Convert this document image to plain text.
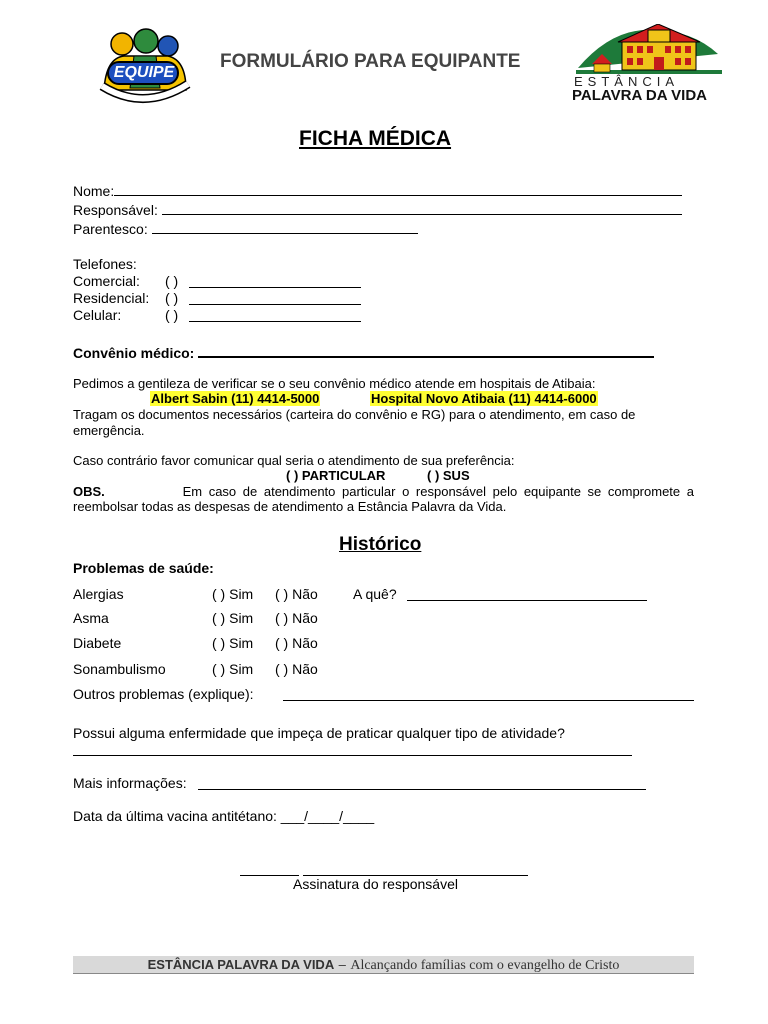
EQUIPE
FORMULÁRIO PARA EQUIPANTE
ESTÂNCIA
PALAVRA DA VIDA
FICHA MÉDICA
Nome:
Responsável:
Parentesco:
Telefones:
Comercial: ( )
Residencial: ( )
Celular:	( )
Convênio médico:
Pedimos a gentileza de verificar se o seu convênio médico atende em hospitais de Atibaia:
Albert Sabin (11) 4414-5000	Hospital Novo Atibaia (11) 4414-6000
Tragam os documentos necessários (carteira do convênio e RG) para o atendimento, em caso de
emergência.
Caso contrário favor comunicar qual seria o atendimento de sua preferência:
( ) PARTICULAR	( ) SUS
OBS.	Em caso de atendimento particular o responsável pelo equipante se compromete a
reembolsar todas as despesas de atendimento a Estância Palavra da Vida.
Histórico
Problemas de saúde:
Alergias	( ) Sim ( ) Não	A quê?
Asma	( ) Sim ( ) Não
Diabete	( ) Sim ( ) Não
Sonambulismo	( ) Sim ( ) Não
Outros problemas (explique):
Possui alguma enfermidade que impeça de praticar qualquer tipo de atividade?
Mais informações:
Data da última vacina antitétano: ___/____/____
Assinatura do responsável
ESTÂNCIA PALAVRA DA VIDA – Alcançando famílias com o evangelho de Cristo
